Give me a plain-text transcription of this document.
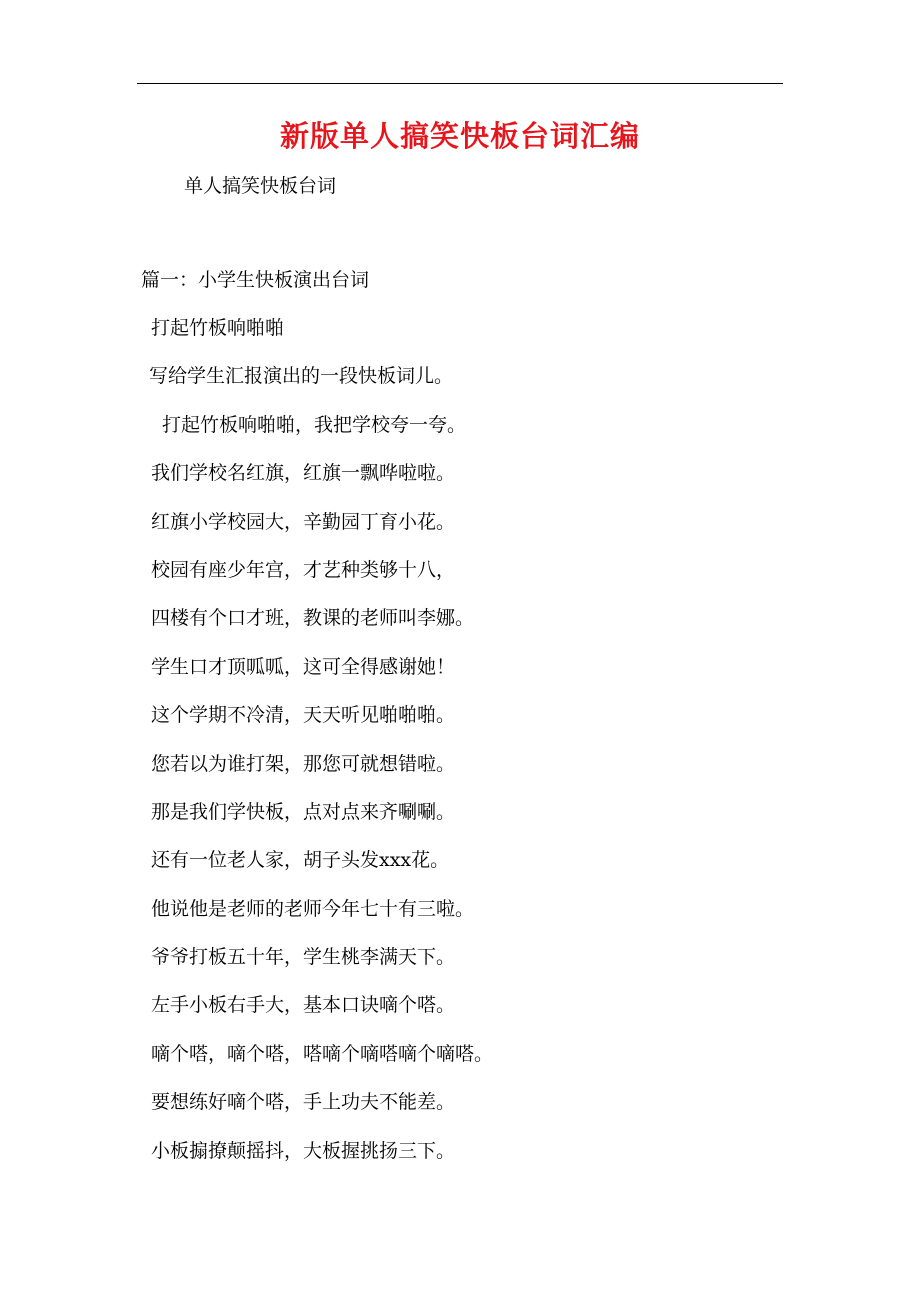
新版单人搞笑快板台词汇编
单人搞笑快板台词
篇一：小学生快板演出台词
打起竹板响啪啪
写给学生汇报演出的一段快板词儿。
打起竹板响啪啪，我把学校夸一夸。
我们学校名红旗，红旗一飘哗啦啦。
红旗小学校园大，辛勤园丁育小花。
校园有座少年宫，才艺种类够十八，
四楼有个口才班，教课的老师叫李娜。
学生口才顶呱呱，这可全得感谢她！
这个学期不冷清，天天听见啪啪啪。
您若以为谁打架，那您可就想错啦。
那是我们学快板，点对点来齐唰唰。
还有一位老人家，胡子头发xxx花。
他说他是老师的老师今年七十有三啦。
爷爷打板五十年，学生桃李满天下。
左手小板右手大，基本口诀嘀个嗒。
嘀个嗒，嘀个嗒，嗒嘀个嘀嗒嘀个嘀嗒。
要想练好嘀个嗒，手上功夫不能差。
小板搧撩颠摇抖，大板握挑扬三下。
